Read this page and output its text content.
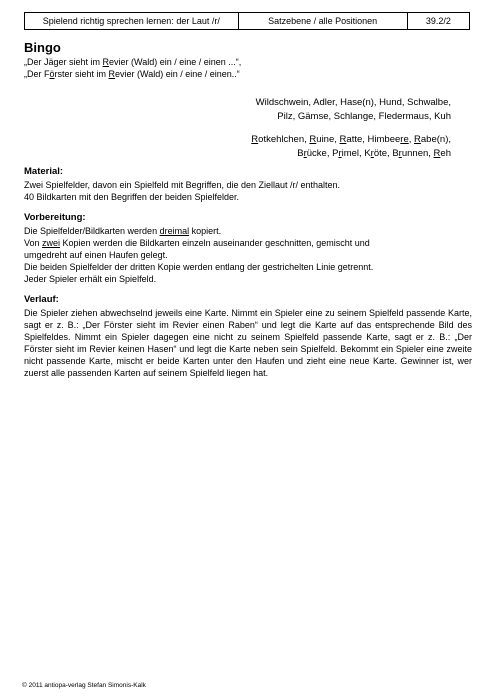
Spielend richtig sprechen lernen: der Laut /r/	Satzebene / alle Positionen	39.2/2
Bingo
„Der Jäger sieht im Revier (Wald) ein / eine / einen ...“,
„Der Förster sieht im Revier (Wald) ein / eine / einen..“
Wildschwein, Adler, Hase(n), Hund, Schwalbe,
Pilz, Gämse, Schlange, Fledermaus, Kuh
Rotkehlchen, Ruine, Ratte, Himbeere, Rabe(n),
Brücke, Primel, Kröte, Brunnen, Reh
Material:

Zwei Spielfelder, davon ein Spielfeld mit Begriffen, die den Ziellaut /r/ enthalten.

40 Bildkarten mit den Begriffen der beiden Spielfelder.

Vorbereitung:

Die Spielfelder/Bildkarten werden dreimal kopiert.

Von zwei Kopien werden die Bildkarten einzeln auseinander geschnitten, gemischt und

umgedreht auf einen Haufen gelegt.

Die beiden Spielfelder der dritten Kopie werden entlang der gestrichelten Linie getrennt.

Jeder Spieler erhält ein Spielfeld.

Verlauf:

Die Spieler ziehen abwechselnd jeweils eine Karte. Nimmt ein Spieler eine zu seinem Spielfeld passende Karte, sagt er z. B.: „Der Förster sieht im Revier einen Raben“ und legt die Karte auf das entsprechende Bild des Spielfeldes. Nimmt ein Spieler dagegen eine nicht zu seinem Spielfeld passende Karte, sagt er z. B.: „Der Förster sieht im Revier keinen Hasen“ und legt die Karte neben sein Spielfeld. Bekommt ein Spieler eine zweite nicht passende Karte, mischt er beide Karten unter den Haufen und zieht eine neue Karte. Gewinner ist, wer zuerst alle passenden Karten auf seinem Spielfeld liegen hat.

© 2011 antiopa-verlag Stefan Simonis-Kalk
